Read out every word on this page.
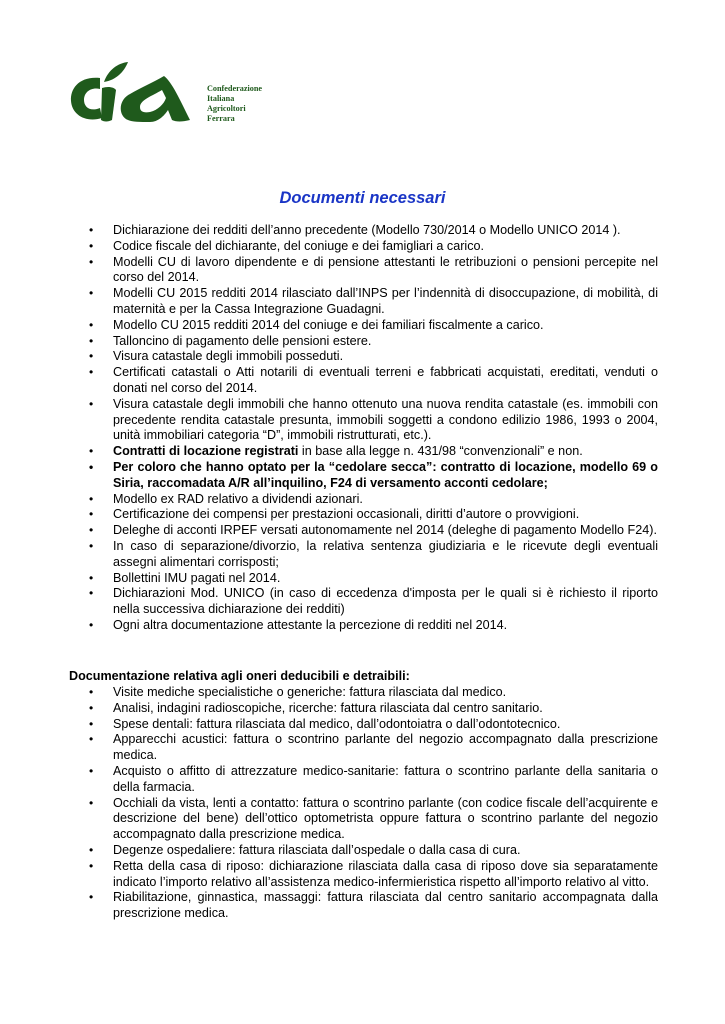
Confederazione
Italiana
Agricoltori
Ferrara
Documenti necessari
• Dichiarazione dei redditi dell’anno precedente (Modello 730/2014 o Modello UNICO 2014 ).
• Codice fiscale del dichiarante, del coniuge e dei famigliari a carico.
• Modelli CU di lavoro dipendente e di pensione attestanti le retribuzioni o pensioni percepite nel corso del 2014.
• Modelli CU 2015 redditi 2014 rilasciato dall’INPS per l’indennità di disoccupazione, di mobilità, di maternità e per la Cassa Integrazione Guadagni.
• Modello CU 2015 redditi 2014 del coniuge e dei familiari fiscalmente a carico.
• Talloncino di pagamento delle pensioni estere.
• Visura catastale degli immobili posseduti.
• Certificati catastali o Atti notarili di eventuali terreni e fabbricati acquistati, ereditati, venduti o donati nel corso del 2014.
• Visura catastale degli immobili che hanno ottenuto una nuova rendita catastale (es. immobili con precedente rendita catastale presunta, immobili soggetti a condono edilizio 1986, 1993 o 2004, unità immobiliari categoria “D”, immobili ristrutturati, etc.).
• Contratti di locazione registrati in base alla legge n. 431/98 “convenzionali” e non.
• Per coloro che hanno optato per la “cedolare secca”: contratto di locazione, modello 69 o Siria, raccomadata A/R all’inquilino, F24 di versamento acconti cedolare;
• Modello ex RAD relativo a dividendi azionari.
• Certificazione dei compensi per prestazioni occasionali, diritti d’autore o provvigioni.
• Deleghe di acconti IRPEF versati autonomamente nel 2014 (deleghe di pagamento Modello F24).
• In caso di separazione/divorzio, la relativa sentenza giudiziaria e le ricevute degli eventuali assegni alimentari corrisposti;
• Bollettini IMU pagati nel 2014.
• Dichiarazioni Mod. UNICO (in caso di eccedenza d'imposta per le quali si è richiesto il riporto nella successiva dichiarazione dei redditi)
• Ogni altra documentazione attestante la percezione di redditi nel 2014.
Documentazione relativa agli oneri deducibili e detraibili:
• Visite mediche specialistiche o generiche: fattura rilasciata dal medico.
• Analisi, indagini radioscopiche, ricerche: fattura rilasciata dal centro sanitario.
• Spese dentali: fattura rilasciata dal medico, dall’odontoiatra o dall’odontotecnico.
• Apparecchi acustici: fattura o scontrino parlante del negozio accompagnato dalla prescrizione medica.
• Acquisto o affitto di attrezzature medico-sanitarie: fattura o scontrino parlante della sanitaria o della farmacia.
• Occhiali da vista, lenti a contatto: fattura o scontrino parlante (con codice fiscale dell’acquirente e descrizione del bene) dell’ottico optometrista oppure fattura o scontrino parlante del negozio accompagnato dalla prescrizione medica.
• Degenze ospedaliere: fattura rilasciata dall’ospedale o dalla casa di cura.
• Retta della casa di riposo: dichiarazione rilasciata dalla casa di riposo dove sia separatamente indicato l’importo relativo all’assistenza medico-infermieristica rispetto all’importo relativo al vitto.
• Riabilitazione, ginnastica, massaggi: fattura rilasciata dal centro sanitario accompagnata dalla prescrizione medica.
